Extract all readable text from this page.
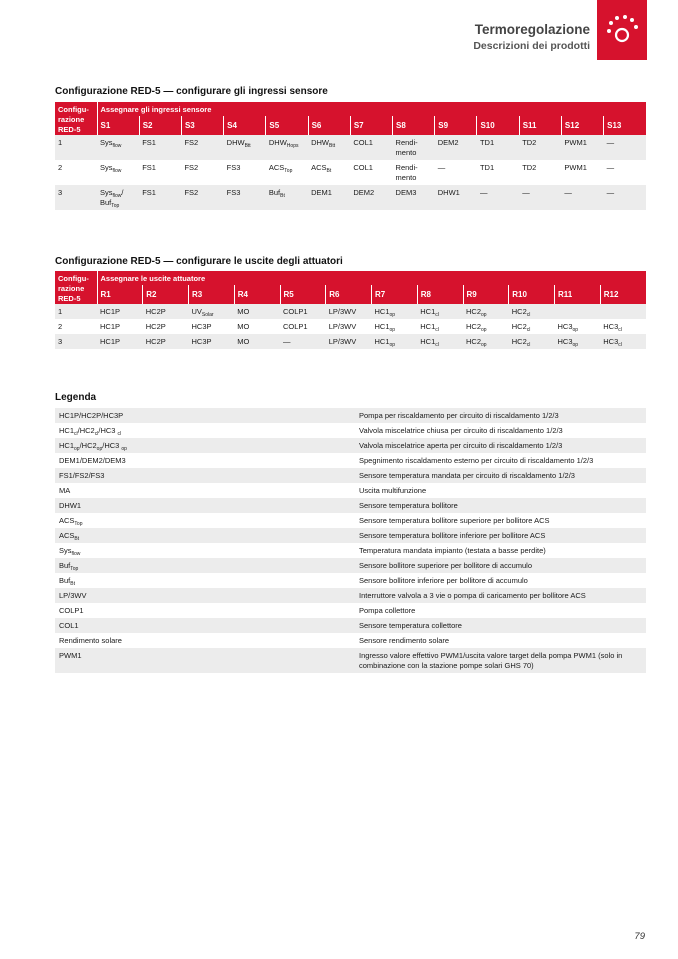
Termoregolazione
Descrizioni dei prodotti
Configurazione RED-5 — configurare gli ingressi sensore
Configu- razione RED-5	Assegnare gli ingressi sensore												
	S1	S2	S3	S4	S5	S6	S7	S8	S9	S10	S11	S12	S13
1	Sys$_{flow}$	FS1	FS2	$DHW_{Btt}$	$DHW_{Hops}$	$DHW_{Btt}$	COL1	Rendi- mento	DEM2	TD1	TD2	PWM1	—
2	Sys$_{flow}$	FS1	FS2	FS3	$ACS_{Top}$	$ACS_{Bt}$	COL1	Rendi- mento	—	TD1	TD2	PWM1	—
3	Sys$_{flow}$/ Buf$_{Top}$	FS1	FS2	FS3	Buf$_{Bt}$	DEM1	DEM2	DEM3	DHW1	—	—	—	—
Configurazione RED-5 — configurare le uscite degli attuatori
Configu- razione RED-5	Assegnare le uscite attuatore											
	R1	R2	R3	R4	R5	R6	R7	R8	R9	R10	R11	R12
1	HC1P	HC2P	$UV_{Solar}$	MO	COLP1	LP/3WV	$HC1_{op}$	$HC1_{cl}$	$HC2_{op}$	$HC2_{cl}$		
2	HC1P	HC2P	HC3P	MO	COLP1	LP/3WV	$HC1_{op}$	$HC1_{cl}$	$HC2_{op}$	$HC2_{cl}$	$HC3_{op}$	$HC3_{cl}$
3	HC1P	HC2P	HC3P	MO	—	LP/3WV	$HC1_{op}$	$HC1_{cl}$	$HC2_{op}$	$HC2_{cl}$	$HC3_{op}$	$HC3_{cl}$
Legenda
HC1P/HC2P/HC3P	Pompa per riscaldamento per circuito di riscaldamento 1/2/3
$HC1_{cl}/HC2_{cl}/HC3$ $_{cl}$	Valvola miscelatrice chiusa per circuito di riscaldamento 1/2/3
$HC1_{op}/HC2_{op}/HC3$ $_{op}$	Valvola miscelatrice aperta per circuito di riscaldamento 1/2/3
DEM1/DEM2/DEM3	Spegnimento riscaldamento esterno per circuito di riscaldamento 1/2/3
FS1/FS2/FS3	Sensore temperatura mandata per circuito di riscaldamento 1/2/3
MA	Uscita multifunzione
DHW1	Sensore temperatura bollitore
$ACS_{Top}$	Sensore temperatura bollitore superiore per bollitore ACS
$ACS_{Bt}$	Sensore temperatura bollitore inferiore per bollitore ACS
Sys$_{flow}$	Temperatura mandata impianto (testata a basse perdite)
Buf$_{Top}$	Sensore bollitore superiore per bollitore di accumulo
Buf$_{Bt}$	Sensore bollitore inferiore per bollitore di accumulo
LP/3WV	Interruttore valvola a 3 vie o pompa di caricamento per bollitore ACS
COLP1	Pompa collettore
COL1	Sensore temperatura collettore
Rendimento solare	Sensore rendimento solare
PWM1	Ingresso valore effettivo PWM1/uscita valore target della pompa PWM1 (solo in combinazione con la stazione pompe solari GHS 70)
79
